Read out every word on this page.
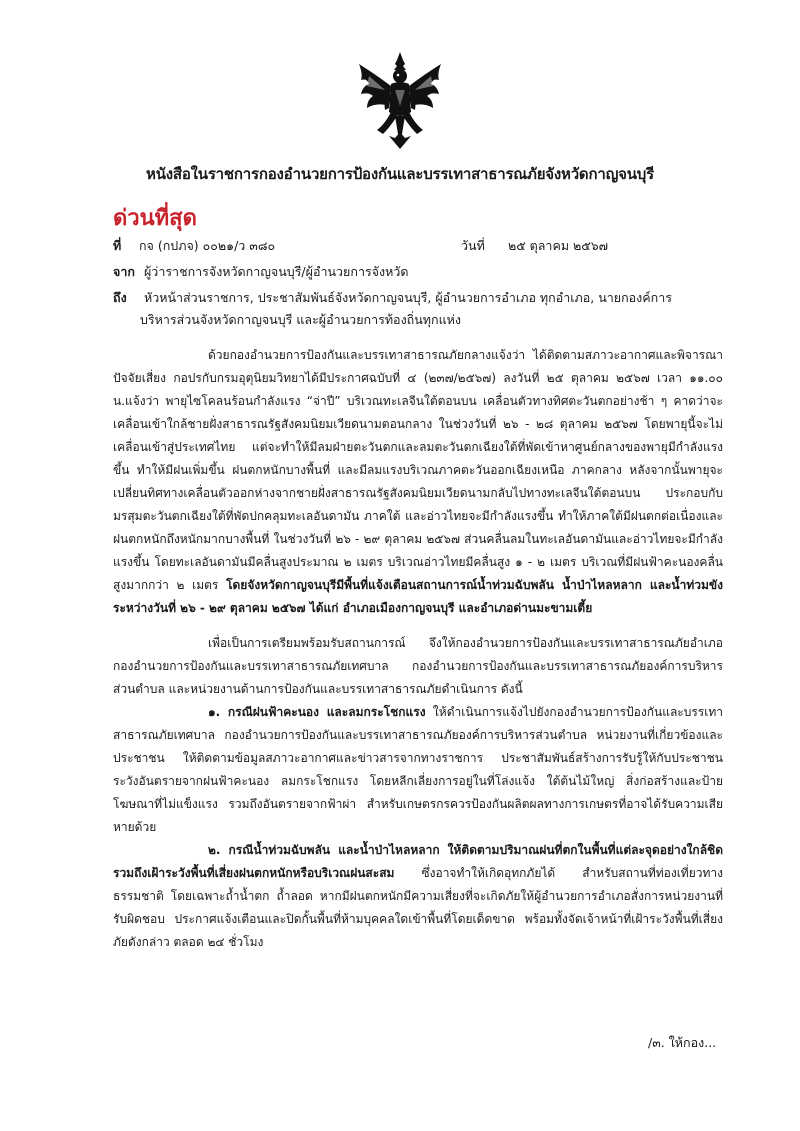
หนังสือในราชการกองอำนวยการป้องกันและบรรเทาสาธารณภัยจังหวัดกาญจนบุรี
ด่วนที่สุด
ที่ กจ (กปภจ) ๐๐๒๑/ว ๓๘๐	วันที่ ๒๕ ตุลาคม ๒๕๖๗
จาก ผู้ว่าราชการจังหวัดกาญจนบุรี/ผู้อำนวยการจังหวัด
ถึง หัวหน้าส่วนราชการ, ประชาสัมพันธ์จังหวัดกาญจนบุรี, ผู้อำนวยการอำเภอ ทุกอำเภอ, นายกองค์การ
บริหารส่วนจังหวัดกาญจนบุรี และผู้อำนวยการท้องถิ่นทุกแห่ง

ด้วยกองอำนวยการป้องกันและบรรเทาสาธารณภัยกลางแจ้งว่า ได้ติดตามสภาวะอากาศและพิจารณาปัจจัยเสี่ยง กอปรกับกรมอุตุนิยมวิทยาได้มีประกาศฉบับที่ ๔ (๒๓๗/๒๕๖๗) ลงวันที่ ๒๕ ตุลาคม ๒๕๖๗ เวลา ๑๑.๐๐ น.แจ้งว่า พายุไซโคลนร้อนกำลังแรง “จ่าปี” บริเวณทะเลจีนใต้ตอนบน เคลื่อนตัวทางทิศตะวันตกอย่างช้า ๆ คาดว่าจะเคลื่อนเข้าใกล้ชายฝั่งสาธารณรัฐสังคมนิยมเวียดนามตอนกลาง ในช่วงวันที่ ๒๖ - ๒๘ ตุลาคม ๒๕๖๗ โดยพายุนี้จะไม่เคลื่อนเข้าสู่ประเทศไทย แต่จะทำให้มีลมฝ่ายตะวันตกและลมตะวันตกเฉียงใต้ที่พัดเข้าหาศูนย์กลางของพายุมีกำลังแรงขึ้น ทำให้มีฝนเพิ่มขึ้น ฝนตกหนักบางพื้นที่ และมีลมแรงบริเวณภาคตะวันออกเฉียงเหนือ ภาคกลาง หลังจากนั้นพายุจะเปลี่ยนทิศทางเคลื่อนตัวออกห่างจากชายฝั่งสาธารณรัฐสังคมนิยมเวียดนามกลับไปทางทะเลจีนใต้ตอนบน ประกอบกับมรสุมตะวันตกเฉียงใต้ที่พัดปกคลุมทะเลอันดามัน ภาคใต้ และอ่าวไทยจะมีกำลังแรงขึ้น ทำให้ภาคใต้มีฝนตกต่อเนื่องและฝนตกหนักถึงหนักมากบางพื้นที่ ในช่วงวันที่ ๒๖ - ๒๙ ตุลาคม ๒๕๖๗ ส่วนคลื่นลมในทะเลอันดามันและอ่าวไทยจะมีกำลังแรงขึ้น โดยทะเลอันดามันมีคลื่นสูงประมาณ ๒ เมตร บริเวณอ่าวไทยมีคลื่นสูง ๑ - ๒ เมตร บริเวณที่มีฝนฟ้าคะนองคลื่นสูงมากกว่า ๒ เมตร โดยจังหวัดกาญจนบุรีมีพื้นที่แจ้งเตือนสถานการณ์น้ำท่วมฉับพลัน น้ำป่าไหลหลาก และน้ำท่วมขัง ระหว่างวันที่ ๒๖ - ๒๙ ตุลาคม ๒๕๖๗ ได้แก่ อำเภอเมืองกาญจนบุรี และอำเภอด่านมะขามเตี้ย

เพื่อเป็นการเตรียมพร้อมรับสถานการณ์ จึงให้กองอำนวยการป้องกันและบรรเทาสาธารณภัยอำเภอ กองอำนวยการป้องกันและบรรเทาสาธารณภัยเทศบาล กองอำนวยการป้องกันและบรรเทาสาธารณภัยองค์การบริหารส่วนตำบล และหน่วยงานด้านการป้องกันและบรรเทาสาธารณภัยดำเนินการ ดังนี้

๑. กรณีฝนฟ้าคะนอง และลมกระโชกแรง ให้ดำเนินการแจ้งไปยังกองอำนวยการป้องกันและบรรเทาสาธารณภัยเทศบาล กองอำนวยการป้องกันและบรรเทาสาธารณภัยองค์การบริหารส่วนตำบล หน่วยงานที่เกี่ยวข้องและประชาชน ให้ติดตามข้อมูลสภาวะอากาศและข่าวสารจากทางราชการ ประชาสัมพันธ์สร้างการรับรู้ให้กับประชาชน ระวังอันตรายจากฝนฟ้าคะนอง ลมกระโชกแรง โดยหลีกเลี่ยงการอยู่ในที่โล่งแจ้ง ใต้ต้นไม้ใหญ่ สิ่งก่อสร้างและป้ายโฆษณาที่ไม่แข็งแรง รวมถึงอันตรายจากฟ้าผ่า สำหรับเกษตรกรควรป้องกันผลิตผลทางการเกษตรที่อาจได้รับความเสียหายด้วย

๒. กรณีน้ำท่วมฉับพลัน และน้ำป่าไหลหลาก ให้ติดตามปริมาณฝนที่ตกในพื้นที่แต่ละจุดอย่างใกล้ชิด รวมถึงเฝ้าระวังพื้นที่เสี่ยงฝนตกหนักหรือบริเวณฝนสะสม ซึ่งอาจทำให้เกิดอุทกภัยได้ สำหรับสถานที่ท่องเที่ยวทางธรรมชาติ โดยเฉพาะถ้ำน้ำตก ถ้ำลอด หากมีฝนตกหนักมีความเสี่ยงที่จะเกิดภัยให้ผู้อำนวยการอำเภอสั่งการหน่วยงานที่รับผิดชอบ ประกาศแจ้งเตือนและปิดกั้นพื้นที่ห้ามบุคคลใดเข้าพื้นที่โดยเด็ดขาด พร้อมทั้งจัดเจ้าหน้าที่เฝ้าระวังพื้นที่เสี่ยงภัยดังกล่าว ตลอด ๒๔ ชั่วโมง

/๓. ให้กอง...
